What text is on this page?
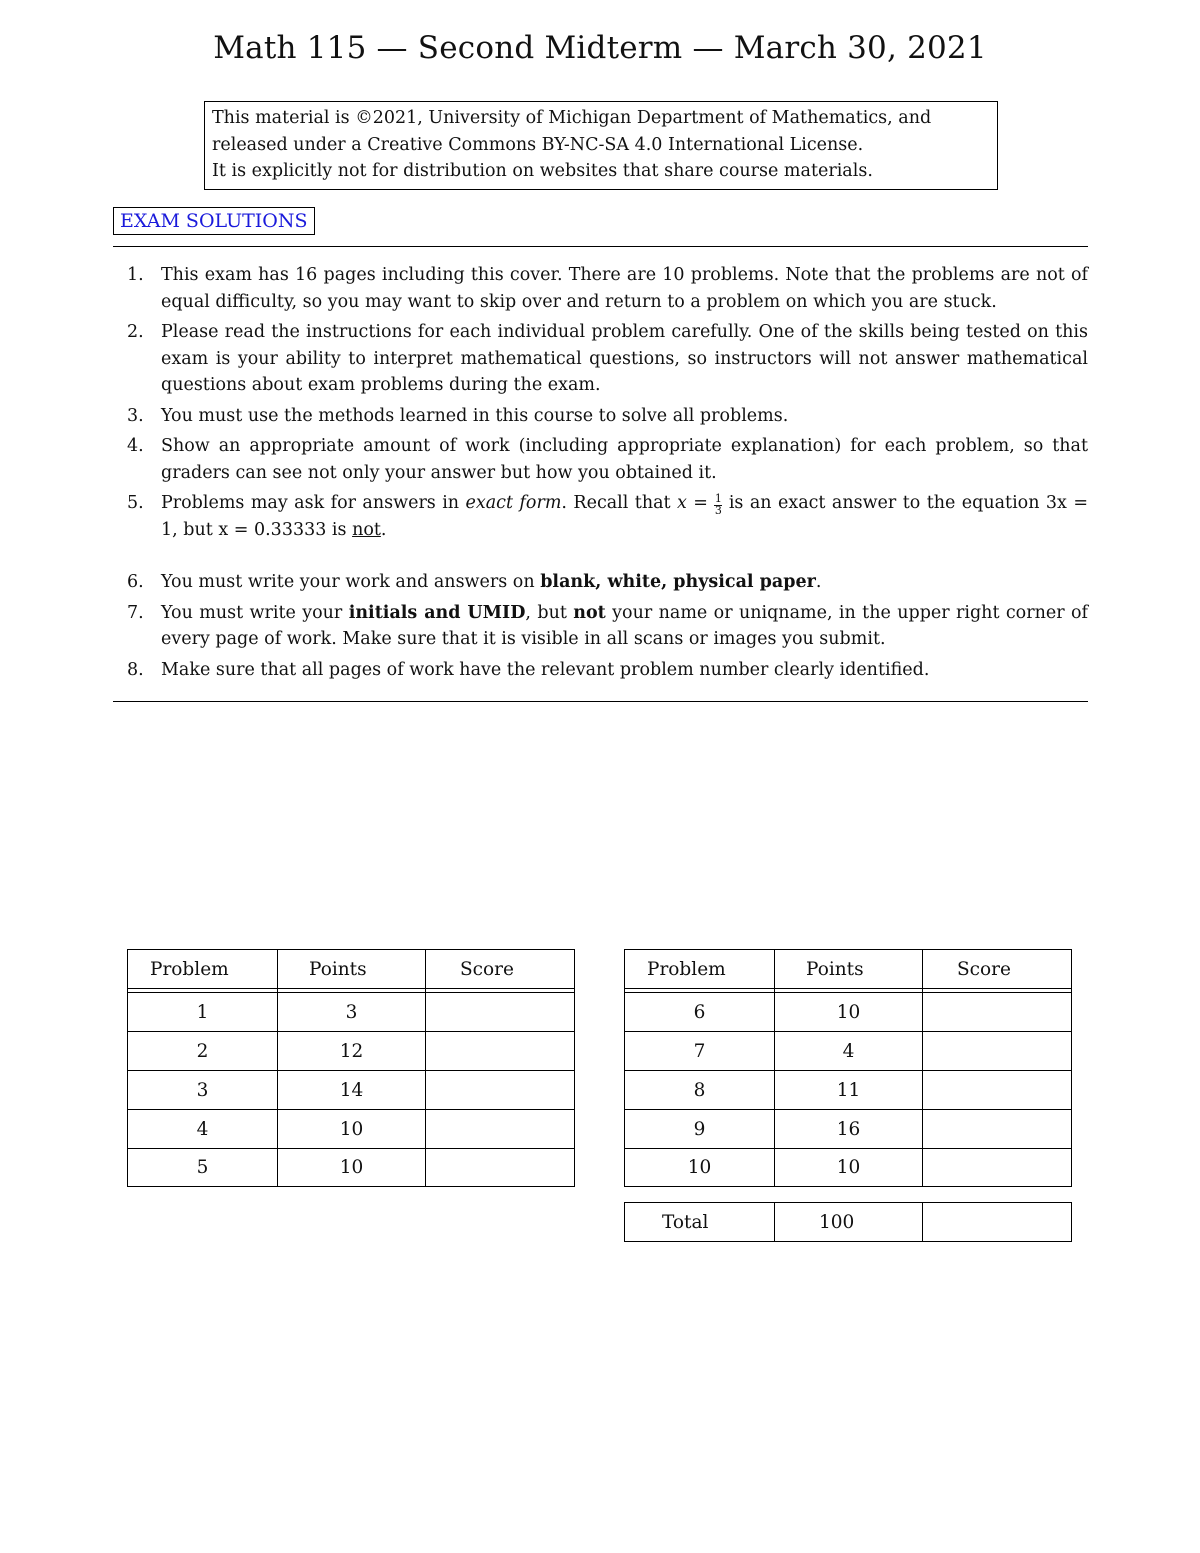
Math 115 — Second Midterm — March 30, 2021
This material is ©2021, University of Michigan Department of Mathematics, and
released under a Creative Commons BY-NC-SA 4.0 International License.
It is explicitly not for distribution on websites that share course materials.
EXAM SOLUTIONS
1. This exam has 16 pages including this cover. There are 10 problems. Note that the problems are not of equal difficulty, so you may want to skip over and return to a problem on which you are stuck.
2. Please read the instructions for each individual problem carefully. One of the skills being tested on this exam is your ability to interpret mathematical questions, so instructors will not answer mathematical questions about exam problems during the exam.
3. You must use the methods learned in this course to solve all problems.
4. Show an appropriate amount of work (including appropriate explanation) for each problem, so that graders can see not only your answer but how you obtained it.
5. Problems may ask for answers in exact form. Recall that $x = \frac{1}{3}$ is an exact answer to the equation 3x = 1, but x = 0.33333 is not.
6. You must write your work and answers on blank, white, physical paper.
7. You must write your initials and UMID, but not your name or uniqname, in the upper right corner of every page of work. Make sure that it is visible in all scans or images you submit.
8. Make sure that all pages of work have the relevant problem number clearly identified.
Problem	Points	Score

1	3	
2	12	
3	14	
4	10	
5	10	
Problem	Points	Score

6	10	
7	4	
8	11	
9	16	
10	10	
Total	100	
